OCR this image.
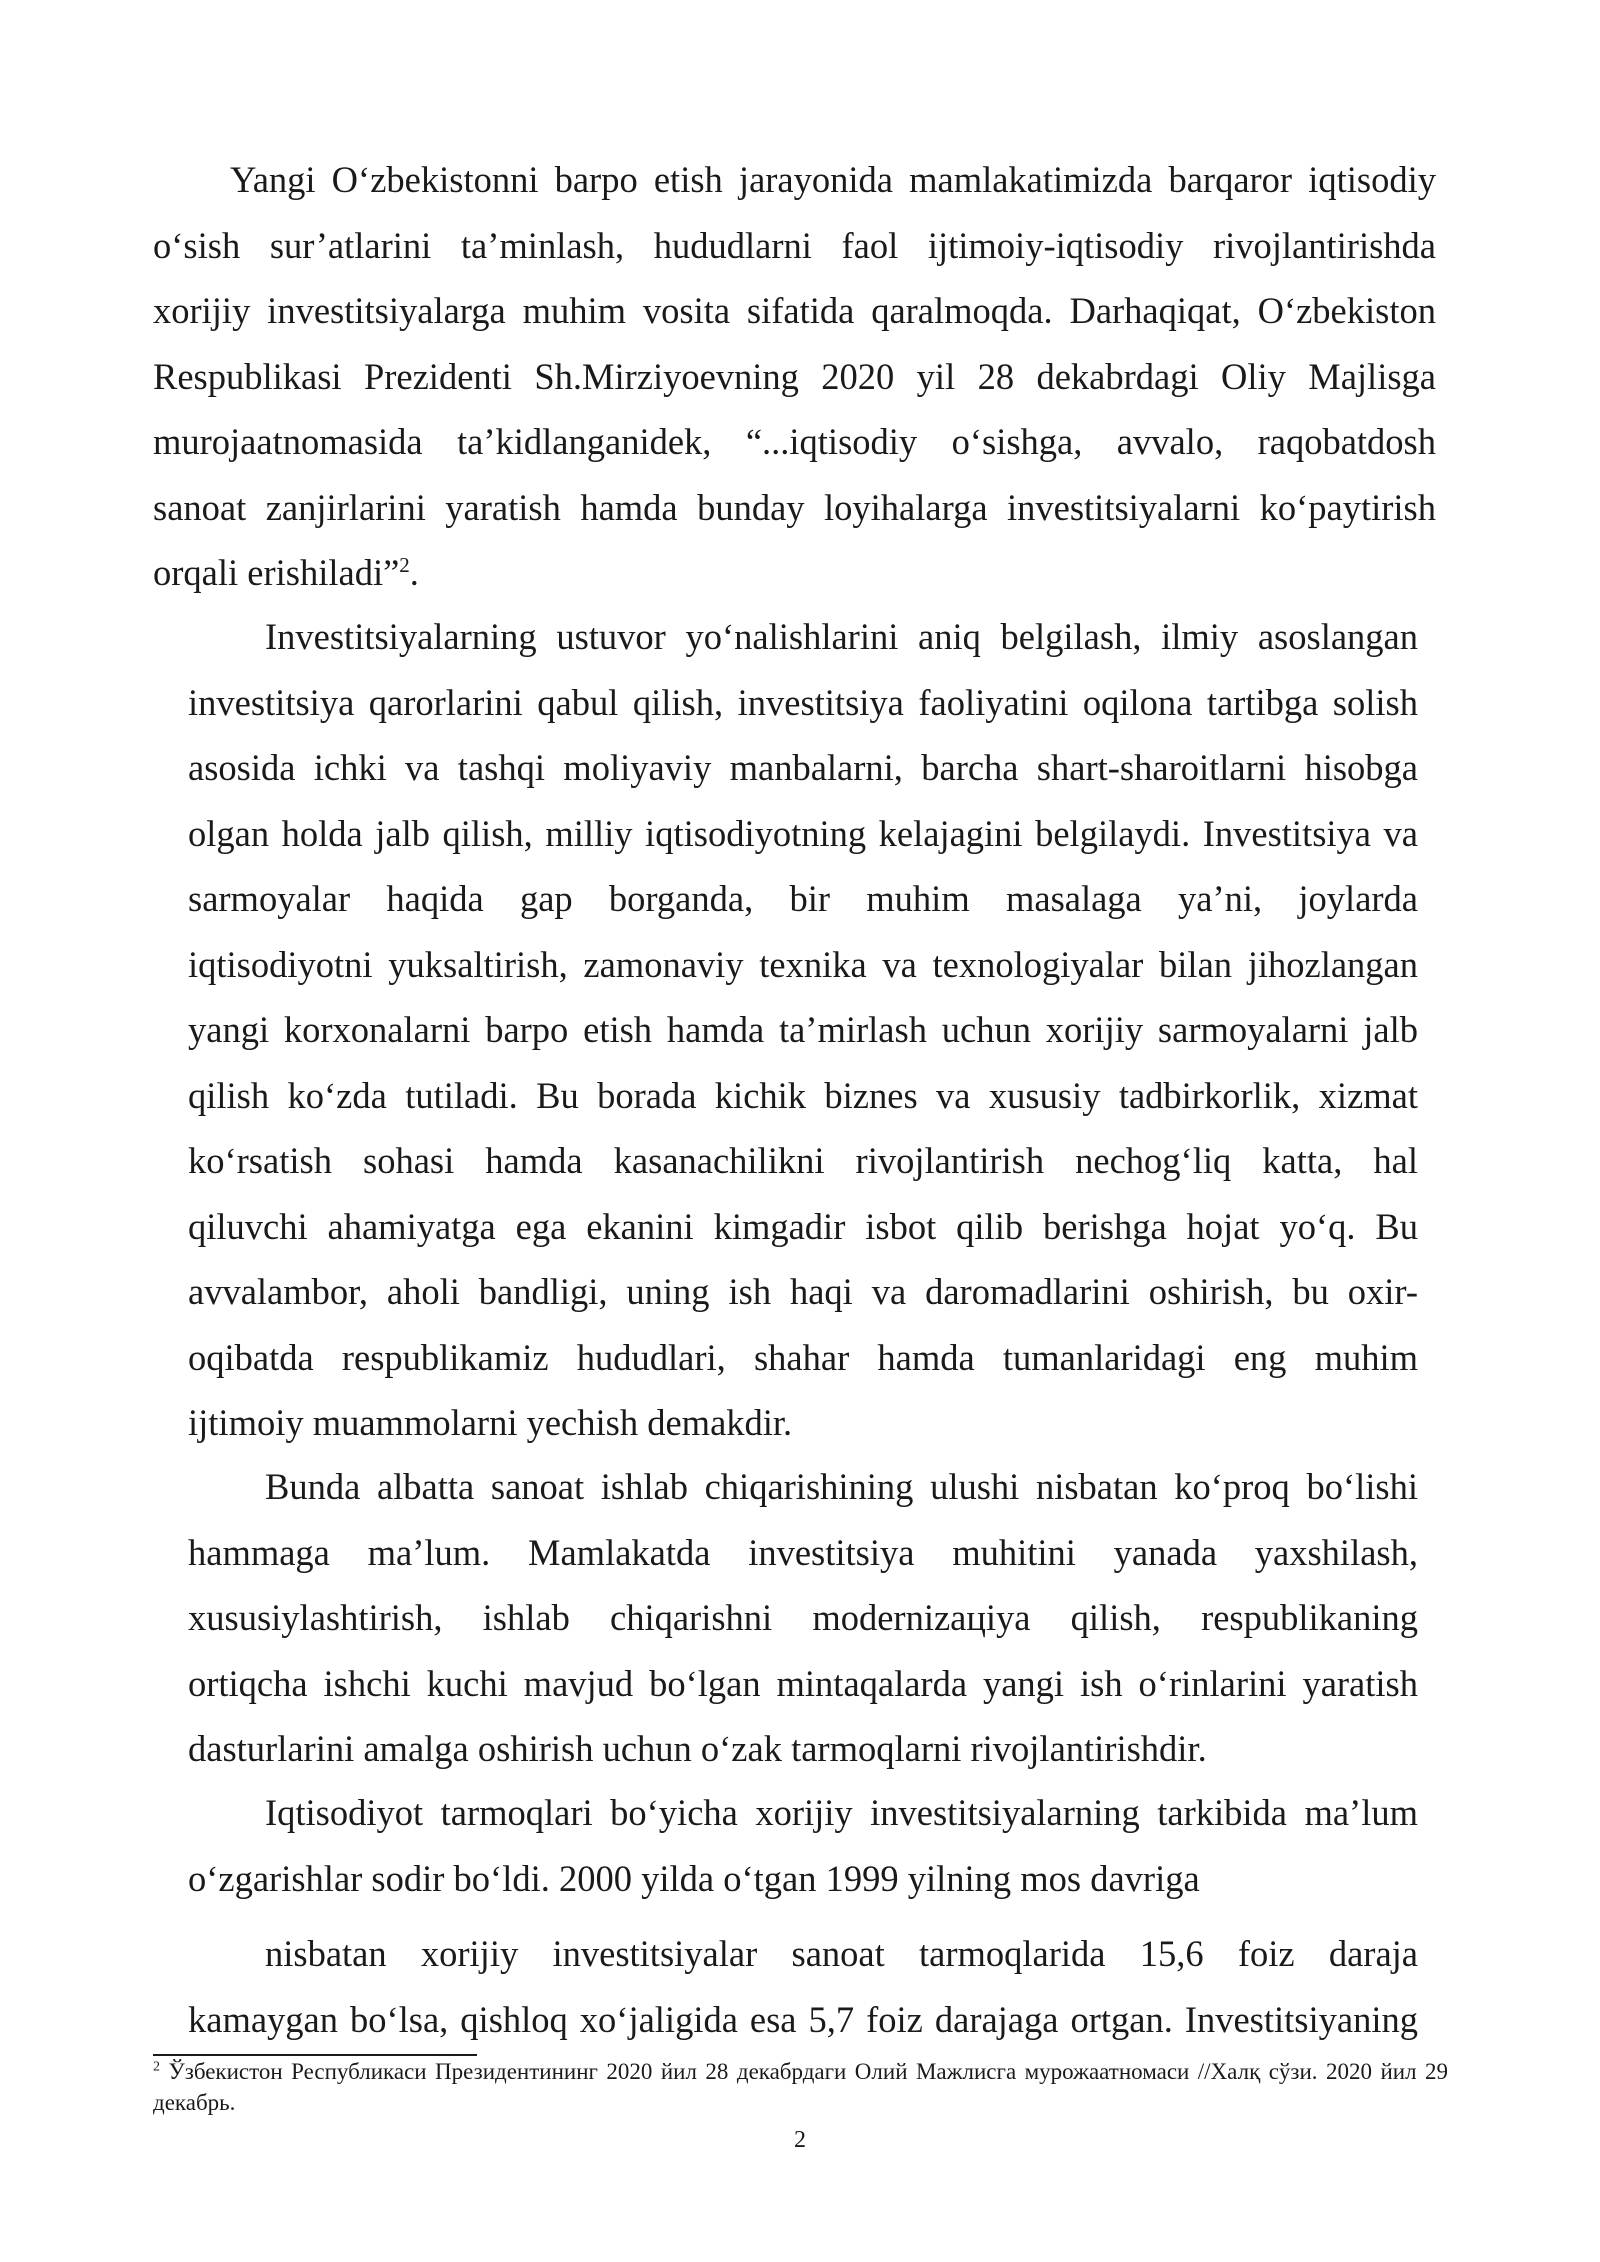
Yangi O‘zbekistonni barpo etish jarayonida mamlakatimizda barqaror iqtisodiy
o‘sish sur’atlarini ta’minlash, hududlarni faol ijtimoiy-iqtisodiy rivojlantirishda
xorijiy investitsiyalarga muhim vosita sifatida qaralmoqda. Darhaqiqat, O‘zbekiston
Respublikasi Prezidenti Sh.Mirziyoevning 2020 yil 28 dekabrdagi Oliy Majlisga
murojaatnomasida ta’kidlanganidek, “...iqtisodiy o‘sishga, avvalo, raqobatdosh
sanoat zanjirlarini yaratish hamda bunday loyihalarga investitsiyalarni ko‘paytirish
orqali erishiladi”$^2$.
Investitsiyalarning ustuvor yo‘nalishlarini aniq belgilash, ilmiy asoslangan
investitsiya qarorlarini qabul qilish, investitsiya faoliyatini oqilona tartibga solish
asosida ichki va tashqi moliyaviy manbalarni, barcha shart-sharoitlarni hisobga
olgan holda jalb qilish, milliy iqtisodiyotning kelajagini belgilaydi. Investitsiya va
sarmoyalar haqida gap borganda, bir muhim masalaga ya’ni, joylarda
iqtisodiyotni yuksaltirish, zamonaviy texnika va texnologiyalar bilan jihozlangan
yangi korxonalarni barpo etish hamda ta’mirlash uchun xorijiy sarmoyalarni jalb
qilish ko‘zda tutiladi. Bu borada kichik biznes va xususiy tadbirkorlik, xizmat
ko‘rsatish sohasi hamda kasanachilikni rivojlantirish nechog‘liq katta, hal
qiluvchi ahamiyatga ega ekanini kimgadir isbot qilib berishga hojat yo‘q. Bu
avvalambor, aholi bandligi, uning ish haqi va daromadlarini oshirish, bu oxir-
oqibatda respublikamiz hududlari, shahar hamda tumanlaridagi eng muhim
ijtimoiy muammolarni yechish demakdir.
Bunda albatta sanoat ishlab chiqarishining ulushi nisbatan ko‘proq bo‘lishi
hammaga ma’lum. Mamlakatda investitsiya muhitini yanada yaxshilash,
xususiylashtirish, ishlab chiqarishni modernizaцiya qilish, respublikaning
ortiqcha ishchi kuchi mavjud bo‘lgan mintaqalarda yangi ish o‘rinlarini yaratish
dasturlarini amalga oshirish uchun o‘zak tarmoqlarni rivojlantirishdir.
Iqtisodiyot tarmoqlari bo‘yicha xorijiy investitsiyalarning tarkibida ma’lum
o‘zgarishlar sodir bo‘ldi. 2000 yilda o‘tgan 1999 yilning mos davriga
nisbatan xorijiy investitsiyalar sanoat tarmoqlarida 15,6 foiz daraja
kamaygan bo‘lsa, qishloq xo‘jaligida esa 5,7 foiz darajaga ortgan. Investitsiyaning
$^2$ Ўзбекистон Республикаси Президентининг 2020 йил 28 декабрдаги Олий Мажлисга мурожаатномаси //Халқ сўзи. 2020 йил 29 декабрь.
2
